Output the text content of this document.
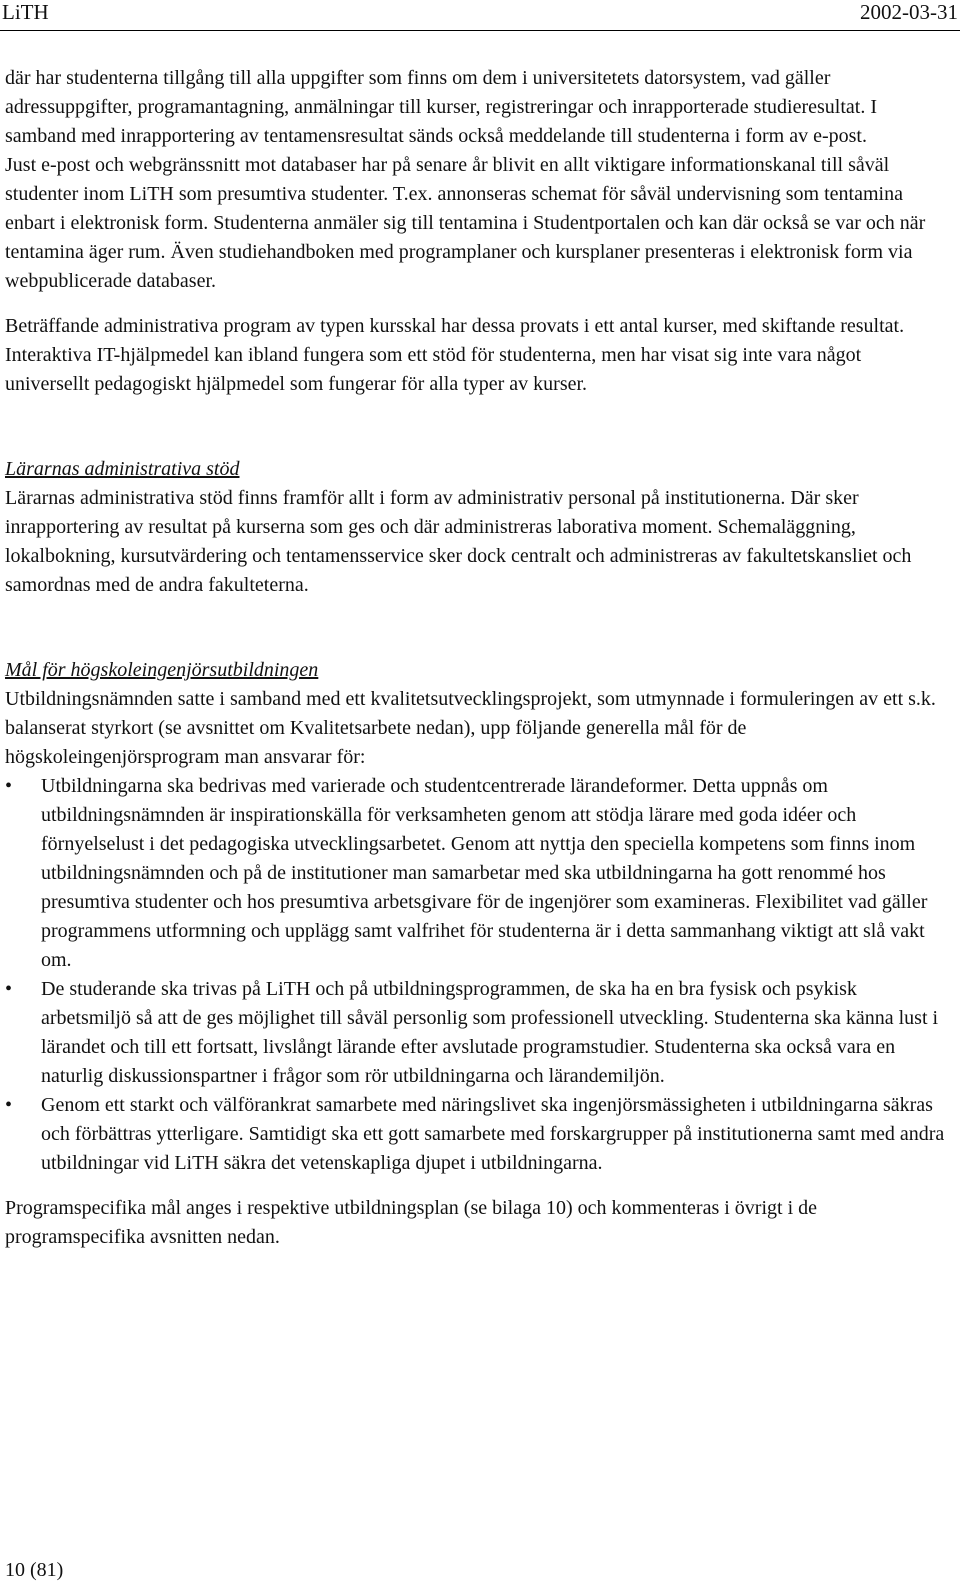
LiTH	2002-03-31

där har studenterna tillgång till alla uppgifter som finns om dem i universitetets datorsystem, vad gäller adressuppgifter, programantagning, anmälningar till kurser, registreringar och inrapporterade studieresultat. I samband med inrapportering av tentamensresultat sänds också meddelande till studenterna i form av e-post.

Just e-post och webgränssnitt mot databaser har på senare år blivit en allt viktigare informationskanal till såväl studenter inom LiTH som presumtiva studenter. T.ex. annonseras schemat för såväl undervisning som tentamina enbart i elektronisk form. Studenterna anmäler sig till tentamina i Studentportalen och kan där också se var och när tentamina äger rum. Även studiehandboken med programplaner och kursplaner presenteras i elektronisk form via webpublicerade databaser.

Beträffande administrativa program av typen kursskal har dessa provats i ett antal kurser, med skiftande resultat. Interaktiva IT-hjälpmedel kan ibland fungera som ett stöd för studenterna, men har visat sig inte vara något universellt pedagogiskt hjälpmedel som fungerar för alla typer av kurser.

Lärarnas administrativa stöd

Lärarnas administrativa stöd finns framför allt i form av administrativ personal på institutionerna. Där sker inrapportering av resultat på kurserna som ges och där administreras laborativa moment. Schemaläggning, lokalbokning, kursutvärdering och tentamensservice sker dock centralt och administreras av fakultetskansliet och samordnas med de andra fakulteterna.

Mål för högskoleingenjörsutbildningen

Utbildningsnämnden satte i samband med ett kvalitetsutvecklingsprojekt, som utmynnade i formuleringen av ett s.k. balanserat styrkort (se avsnittet om Kvalitetsarbete nedan), upp följande generella mål för de högskoleingenjörsprogram man ansvarar för:

• Utbildningarna ska bedrivas med varierade och studentcentrerade lärandeformer. Detta uppnås om utbildningsnämnden är inspirationskälla för verksamheten genom att stödja lärare med goda idéer och förnyelselust i det pedagogiska utvecklingsarbetet. Genom att nyttja den speciella kompetens som finns inom utbildningsnämnden och på de institutioner man samarbetar med ska utbildningarna ha gott renommé hos presumtiva studenter och hos presumtiva arbetsgivare för de ingenjörer som examineras. Flexibilitet vad gäller programmens utformning och upplägg samt valfrihet för studenterna är i detta sammanhang viktigt att slå vakt om.
• De studerande ska trivas på LiTH och på utbildningsprogrammen, de ska ha en bra fysisk och psykisk arbetsmiljö så att de ges möjlighet till såväl personlig som professionell utveckling. Studenterna ska känna lust i lärandet och till ett fortsatt, livslångt lärande efter avslutade programstudier. Studenterna ska också vara en naturlig diskussionspartner i frågor som rör utbildningarna och lärandemiljön.
• Genom ett starkt och välförankrat samarbete med näringslivet ska ingenjörsmässigheten i utbildningarna säkras och förbättras ytterligare. Samtidigt ska ett gott samarbete med forskargrupper på institutionerna samt med andra utbildningar vid LiTH säkra det vetenskapliga djupet i utbildningarna.

Programspecifika mål anges i respektive utbildningsplan (se bilaga 10) och kommenteras i övrigt i de programspecifika avsnitten nedan.

10 (81)
